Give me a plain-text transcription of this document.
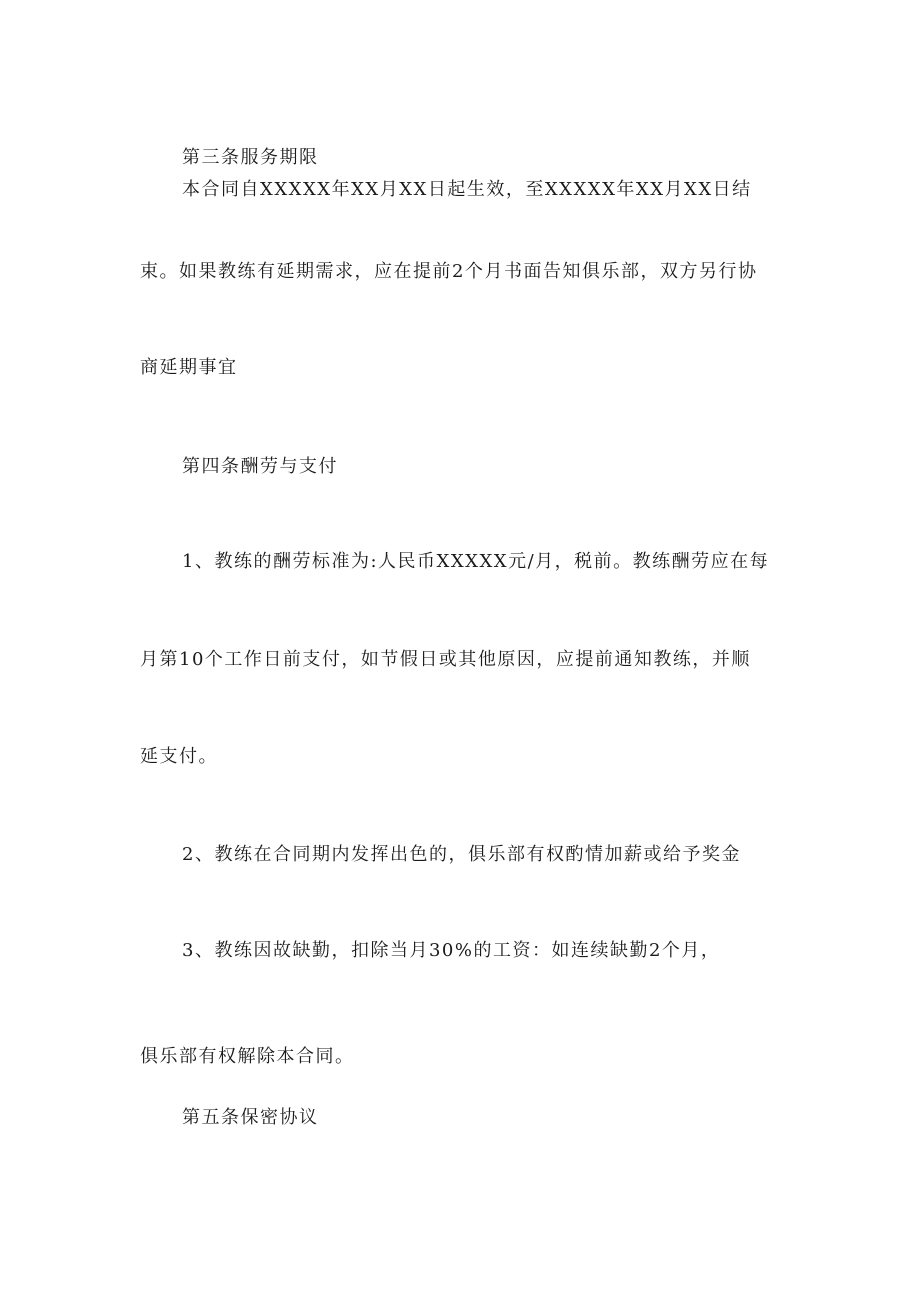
第三条服务期限
本合同自XXXXX年XX月XX日起生效，至XXXXX年XX月XX日结
束。如果教练有延期需求，应在提前2个月书面告知俱乐部，双方另行协
商延期事宜
第四条酬劳与支付
1、教练的酬劳标准为:人民币XXXXX元/月，税前。教练酬劳应在每
月第10个工作日前支付，如节假日或其他原因，应提前通知教练，并顺
延支付。
2、教练在合同期内发挥出色的，俱乐部有权酌情加薪或给予奖金
3、教练因故缺勤，扣除当月30%的工资：如连续缺勤2个月，
俱乐部有权解除本合同。
第五条保密协议
